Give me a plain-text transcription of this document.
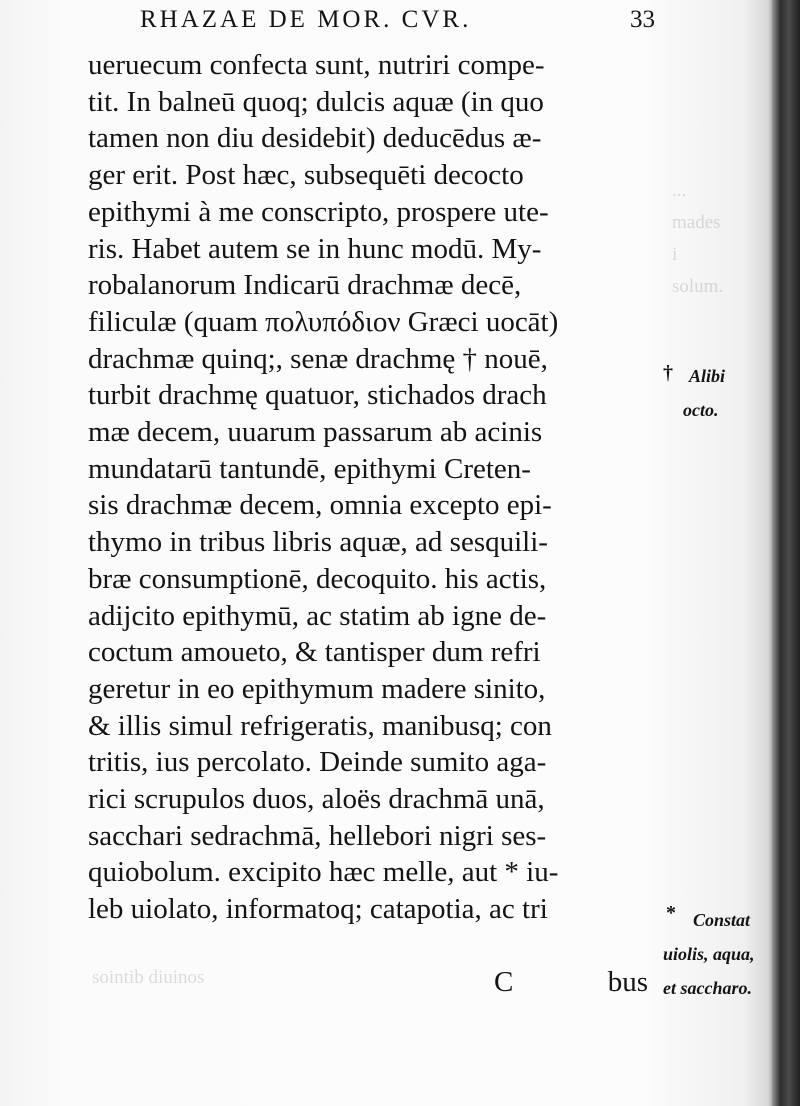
...
mades
i
solum.
sointib diuinos
RHAZAE DE MOR. CVR.	33
ueruecum confecta sunt, nutriri compe-
tit. In balneū quoq; dulcis aquæ (in quo
tamen non diu desidebit) deducēdus æ-
ger erit. Post hæc, subsequēti decocto
epithymi à me conscripto, prospere ute-
ris. Habet autem se in hunc modū. My-
robalanorum Indicarū drachmæ decē,
filiculæ (quam πολυπόδιον Græci uocāt)
drachmæ quinq;, senæ drachmę † nouē,
turbit drachmę quatuor, stichados drach
mæ decem, uuarum passarum ab acinis
mundatarū tantundē, epithymi Creten-
sis drachmæ decem, omnia excepto epi-
thymo in tribus libris aquæ, ad sesquili-
bræ consumptionē, decoquito. his actis,
adijcito epithymū, ac statim ab igne de-
coctum amoueto, & tantisper dum refri
geretur in eo epithymum madere sinito,
& illis simul refrigeratis, manibusq; con
tritis, ius percolato. Deinde sumito aga-
rici scrupulos duos, aloës drachmā unā,
sacchari sedrachmā, hellebori nigri ses-
quiobolum. excipito hæc melle, aut * iu-
leb uiolato, informatoq; catapotia, ac tri
C	bus
† Alibi
octo.
* Constat
uiolis, aqua,
et saccharo.
